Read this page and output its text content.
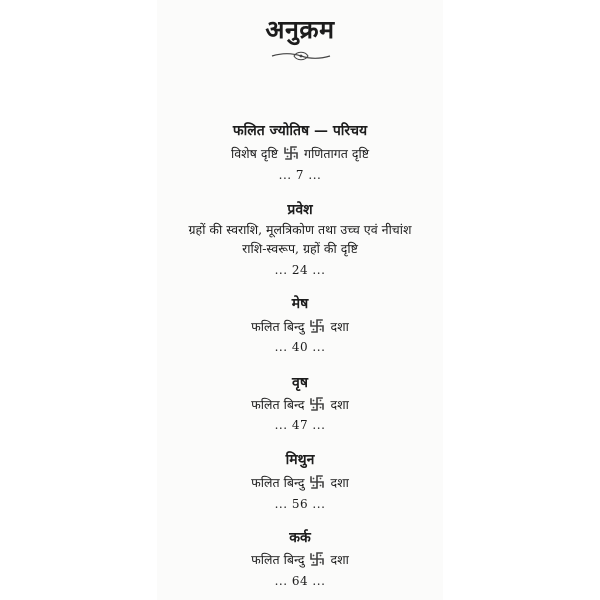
अनुक्रम
फलित ज्योतिष — परिचय
विशेष दृष्टि गणितागत दृष्टि
... 7 ...
प्रवेश
ग्रहों की स्वराशि, मूलत्रिकोण तथा उच्च एवं नीचांश
राशि-स्वरूप, ग्रहों की दृष्टि
... 24 ...
मेष
फलित बिन्दु दशा
... 40 ...
वृष
फलित बिन्द दशा
... 47 ...
मिथुन
फलित बिन्दु दशा
... 56 ...
कर्क
फलित बिन्दु दशा
... 64 ...
